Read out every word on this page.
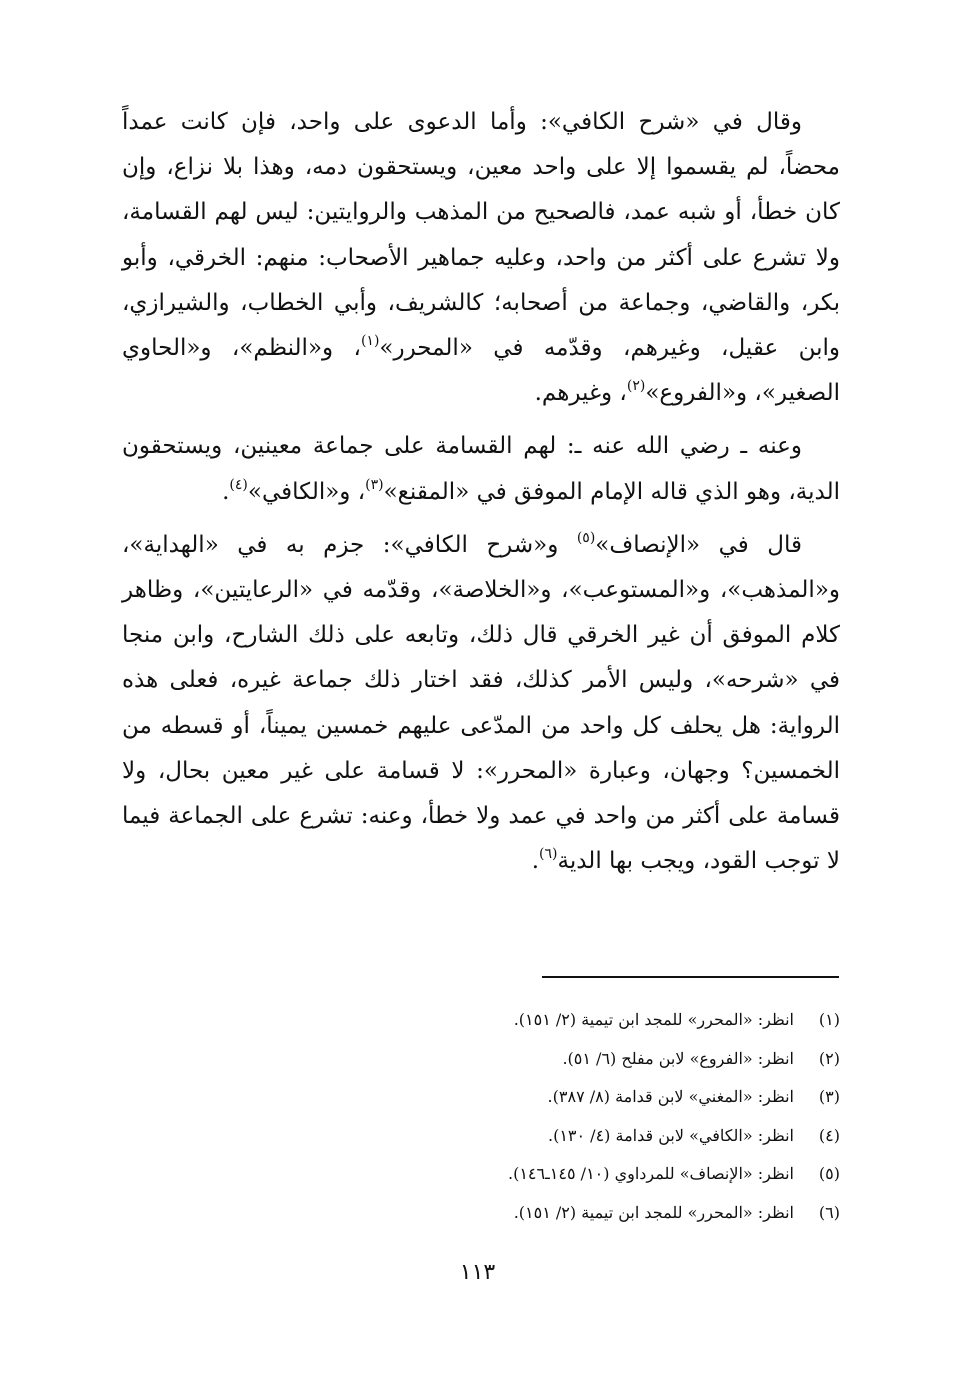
وقال في «شرح الكافي»: وأما الدعوى على واحد، فإن كانت عمداً محضاً، لم يقسموا إلا على واحد معين، ويستحقون دمه، وهذا بلا نزاع، وإن كان خطأ، أو شبه عمد، فالصحيح من المذهب والروايتين: ليس لهم القسامة، ولا تشرع على أكثر من واحد، وعليه جماهير الأصحاب: منهم: الخرقي، وأبو بكر، والقاضي، وجماعة من أصحابه؛ كالشريف، وأبي الخطاب، والشيرازي، وابن عقيل، وغيرهم، وقدّمه في «المحرر»$^{(١)}$، و«النظم»، و«الحاوي الصغير»، و«الفروع»$^{(٢)}$، وغيرهم.

وعنه ـ رضي الله عنه ـ: لهم القسامة على جماعة معينين، ويستحقون الدية، وهو الذي قاله الإمام الموفق في «المقنع»$^{(٣)}$، و«الكافي»$^{(٤)}$.

قال في «الإنصاف»$^{(٥)}$ و«شرح الكافي»: جزم به في «الهداية»، و«المذهب»، و«المستوعب»، و«الخلاصة»، وقدّمه في «الرعايتين»، وظاهر كلام الموفق أن غير الخرقي قال ذلك، وتابعه على ذلك الشارح، وابن منجا في «شرحه»، وليس الأمر كذلك، فقد اختار ذلك جماعة غيره، فعلى هذه الرواية: هل يحلف كل واحد من المدّعى عليهم خمسين يميناً، أو قسطه من الخمسين؟ وجهان، وعبارة «المحرر»: لا قسامة على غير معين بحال، ولا قسامة على أكثر من واحد في عمد ولا خطأ، وعنه: تشرع على الجماعة فيما لا توجب القود، ويجب بها الدية$^{(٦)}$.

(١)انظر: «المحرر» للمجد ابن تيمية (٢/ ١٥١).
(٢)انظر: «الفروع» لابن مفلح (٦/ ٥١).
(٣)انظر: «المغني» لابن قدامة (٨/ ٣٨٧).
(٤)انظر: «الكافي» لابن قدامة (٤/ ١٣٠).
(٥)انظر: «الإنصاف» للمرداوي (١٠/ ١٤٥ـ١٤٦).
(٦)انظر: «المحرر» للمجد ابن تيمية (٢/ ١٥١).
١١٣
